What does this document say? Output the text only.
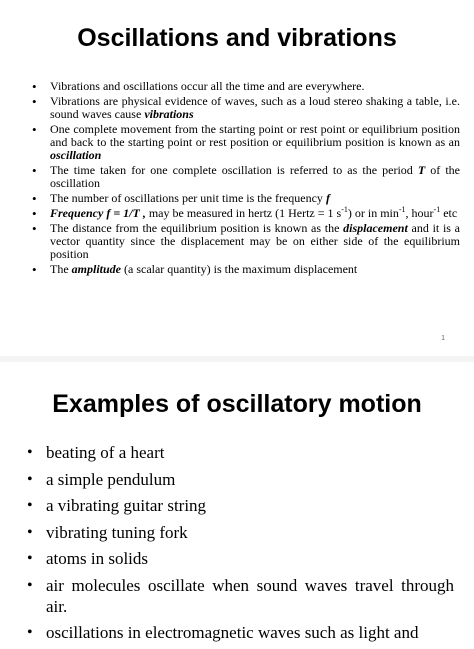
Oscillations and vibrations
• Vibrations and oscillations occur all the time and are everywhere.
• Vibrations are physical evidence of waves, such as a loud stereo shaking a table, i.e. sound waves cause vibrations
• One complete movement from the starting point or rest point or equilibrium position and back to the starting point or rest position or equilibrium position is known as an oscillation
• The time taken for one complete oscillation is referred to as the period T of the oscillation
• The number of oscillations per unit time is the frequency f
• Frequency f = 1/T , may be measured in hertz (1 Hertz = 1 $s^{-1}$) or in $\min^{-1}$, hour$^{-1}$ etc
• The distance from the equilibrium position is known as the displacement and it is a vector quantity since the displacement may be on either side of the equilibrium position
• The amplitude (a scalar quantity) is the maximum displacement
1
Examples of oscillatory motion
• beating of a heart
• a simple pendulum
• a vibrating guitar string
• vibrating tuning fork
• atoms in solids
• air molecules oscillate when sound waves travel through air.
• oscillations in electromagnetic waves such as light and
